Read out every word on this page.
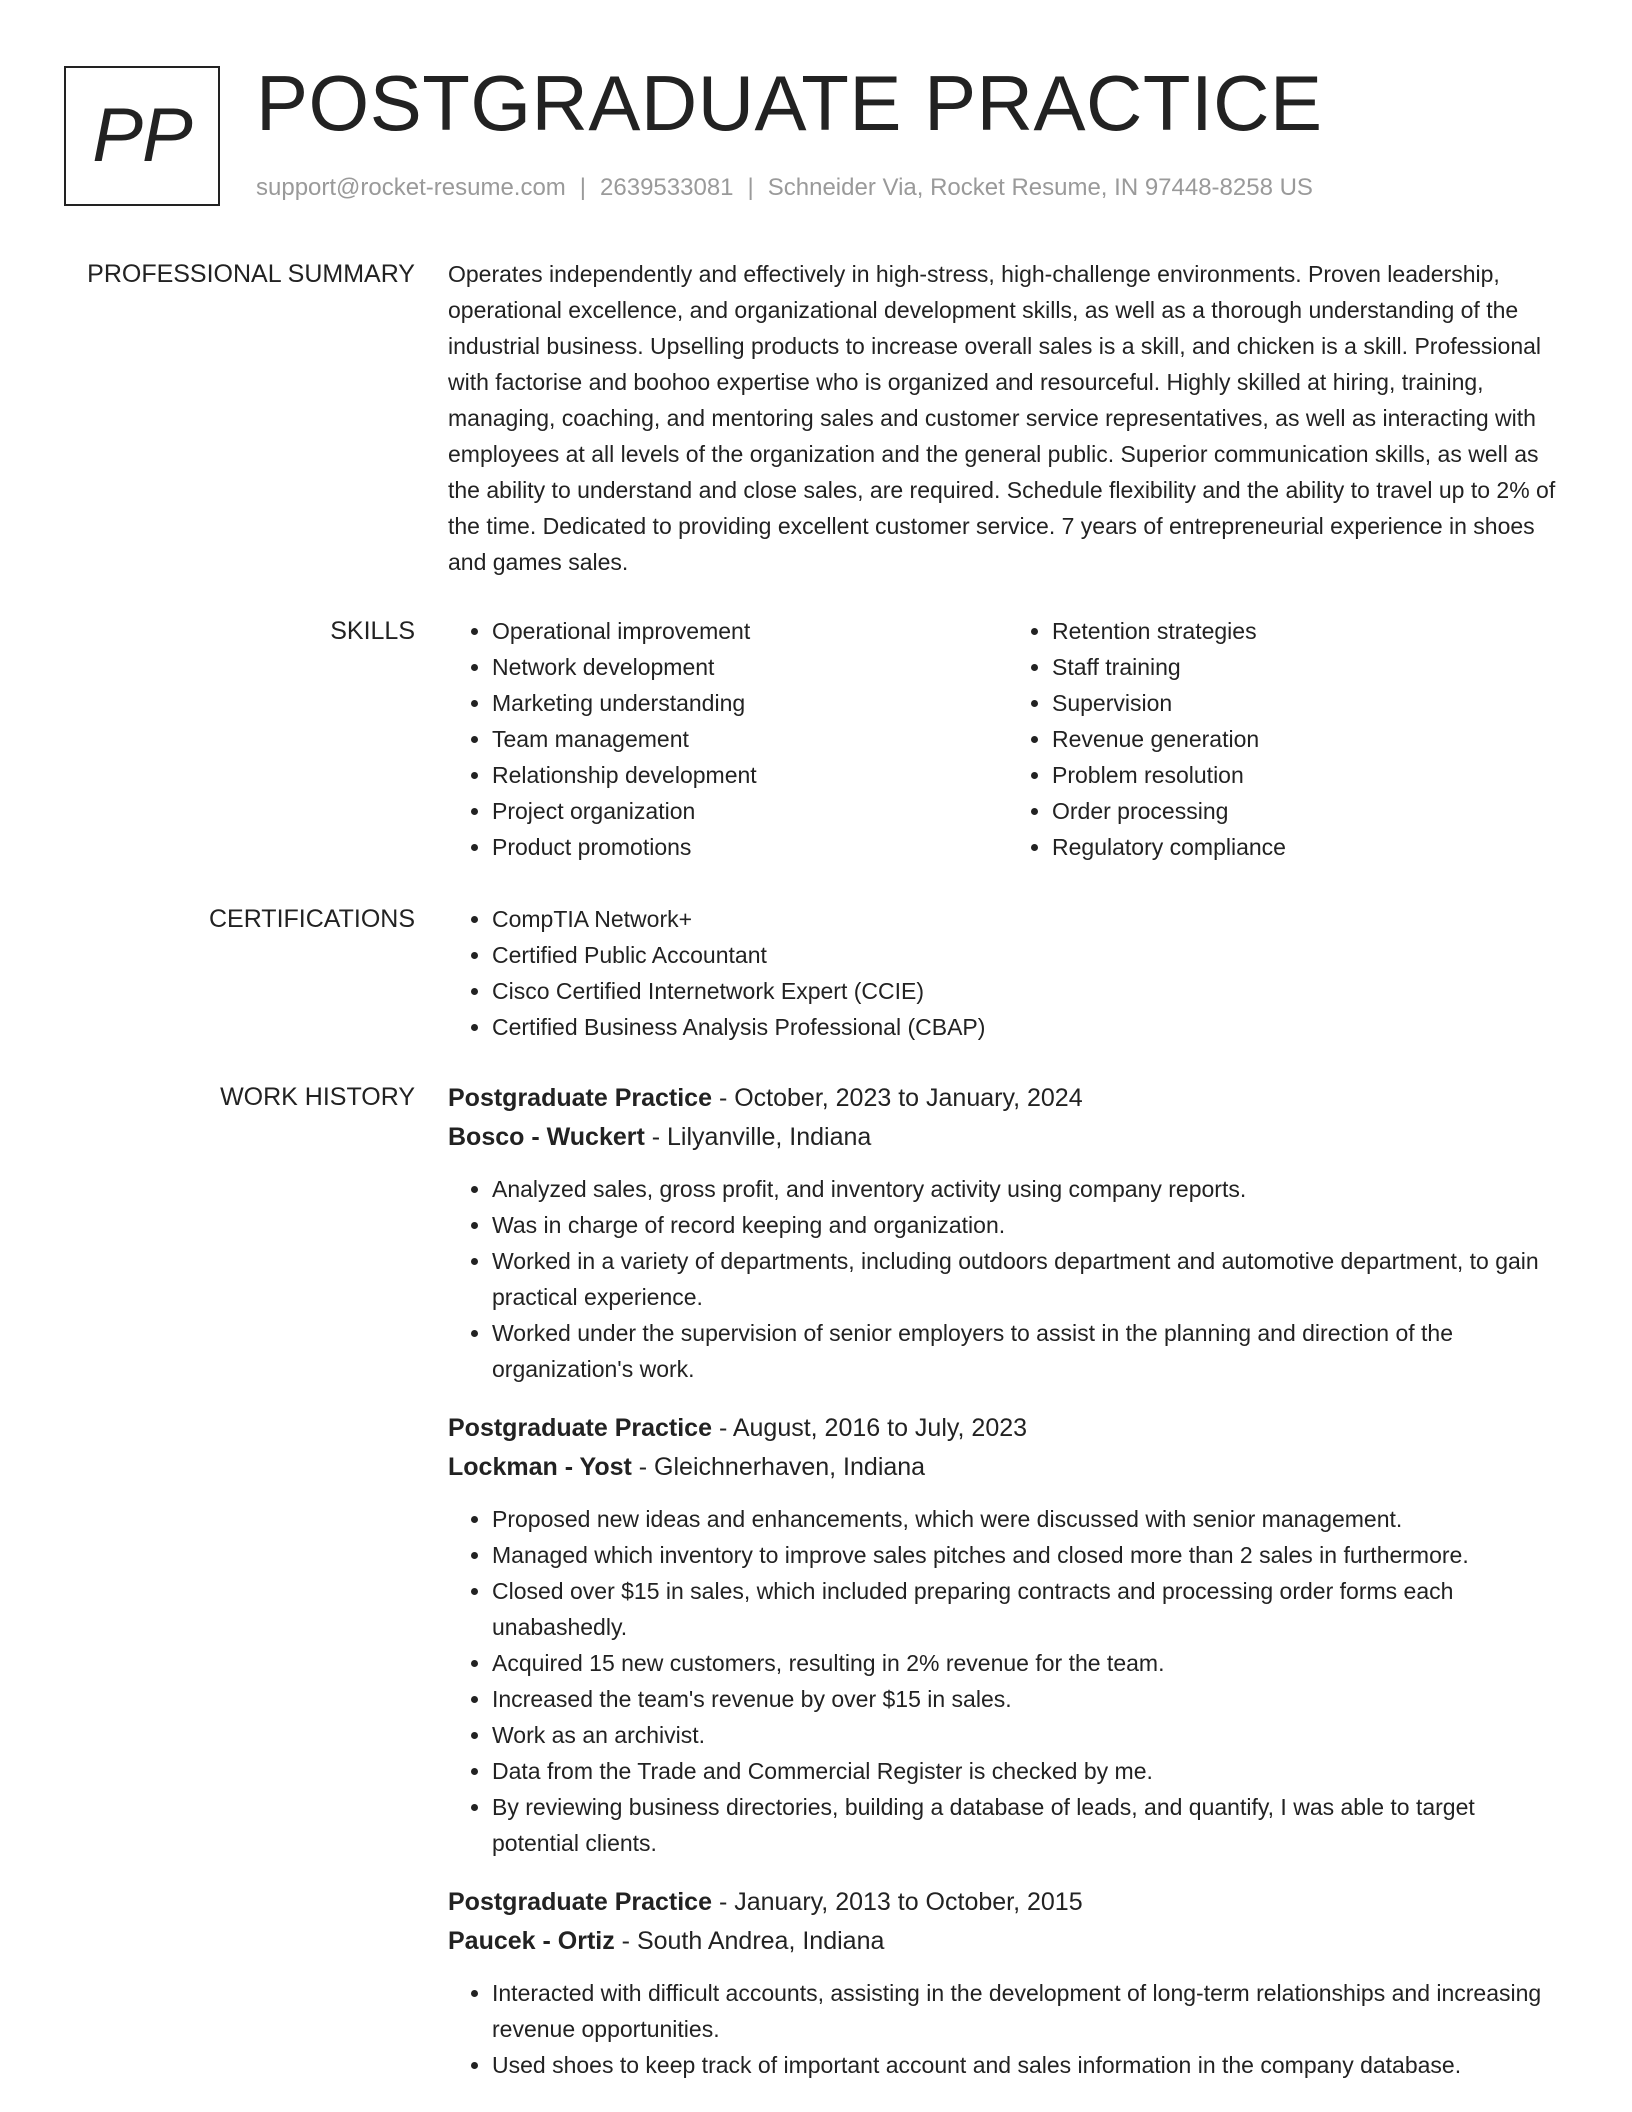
PP POSTGRADUATE PRACTICE
support@rocket-resume.com | 2639533081 | Schneider Via, Rocket Resume, IN 97448-8258 US
PROFESSIONAL SUMMARY Operates independently and effectively in high-stress, high-challenge environments. Proven leadership, operational excellence, and organizational development skills, as well as a thorough understanding of the industrial business. Upselling products to increase overall sales is a skill, and chicken is a skill. Professional with factorise and boohoo expertise who is organized and resourceful. Highly skilled at hiring, training, managing, coaching, and mentoring sales and customer service representatives, as well as interacting with employees at all levels of the organization and the general public. Superior communication skills, as well as the ability to understand and close sales, are required. Schedule flexibility and the ability to travel up to 2% of the time. Dedicated to providing excellent customer service. 7 years of entrepreneurial experience in shoes and games sales.
SKILLS	• Operational improvement
• Network development
• Marketing understanding
• Team management
• Relationship development
• Project organization
• Product promotions
• Retention strategies
• Staff training
• Supervision
• Revenue generation
• Problem resolution
• Order processing
• Regulatory compliance
CERTIFICATIONS	• CompTIA Network+
• Certified Public Accountant
• Cisco Certified Internetwork Expert (CCIE)
• Certified Business Analysis Professional (CBAP)
WORK HISTORY Postgraduate Practice - October, 2023 to January, 2024
Bosco - Wuckert - Lilyanville, Indiana
• Analyzed sales, gross profit, and inventory activity using company reports.
• Was in charge of record keeping and organization.
• Worked in a variety of departments, including outdoors department and automotive department, to gain practical experience.
• Worked under the supervision of senior employers to assist in the planning and direction of the organization's work.
Postgraduate Practice - August, 2016 to July, 2023
Lockman - Yost - Gleichnerhaven, Indiana
• Proposed new ideas and enhancements, which were discussed with senior management.
• Managed which inventory to improve sales pitches and closed more than 2 sales in furthermore.
• Closed over $15 in sales, which included preparing contracts and processing order forms each unabashedly.
• Acquired 15 new customers, resulting in 2% revenue for the team.
• Increased the team's revenue by over $15 in sales.
• Work as an archivist.
• Data from the Trade and Commercial Register is checked by me.
• By reviewing business directories, building a database of leads, and quantify, I was able to target potential clients.
Postgraduate Practice - January, 2013 to October, 2015
Paucek - Ortiz - South Andrea, Indiana
• Interacted with difficult accounts, assisting in the development of long-term relationships and increasing revenue opportunities.
• Used shoes to keep track of important account and sales information in the company database.
